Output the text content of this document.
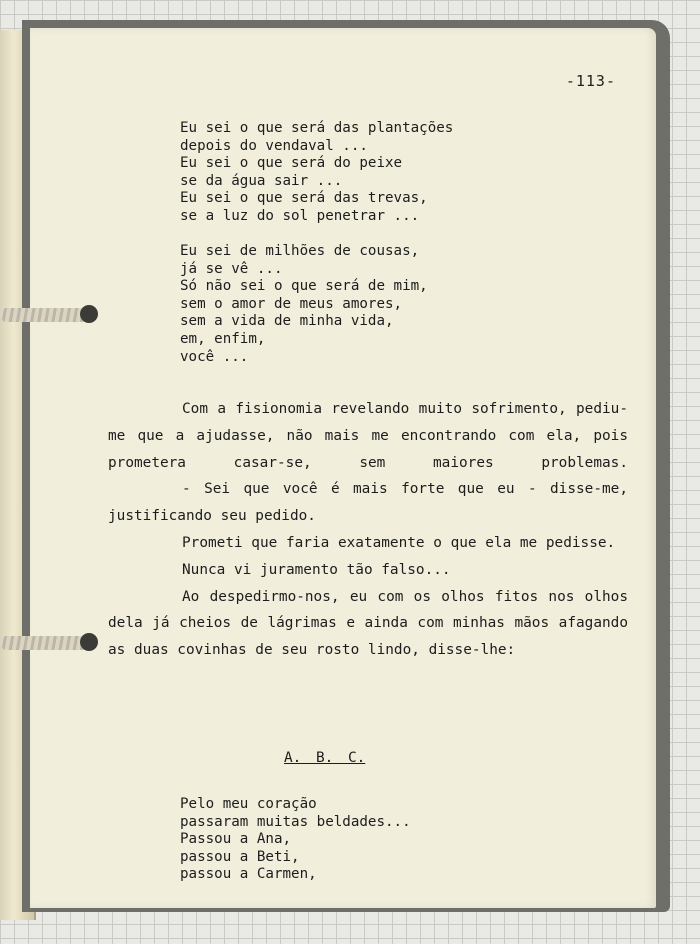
-113-
Eu sei o que será das plantações
depois do vendaval ...
Eu sei o que será do peixe
se da água sair ...
Eu sei o que será das trevas,
se a luz do sol penetrar ...
Eu sei de milhões de cousas,
já se vê ...
Só não sei o que será de mim,
sem o amor de meus amores,
sem a vida de minha vida,
em, enfim,
você ...

Com a fisionomia revelando muito sofrimento, pediu-me que a ajudasse, não mais me encontrando com ela, pois prometera casar-se, sem maiores problemas.

- Sei que você é mais forte que eu - disse-me, justificando seu pedido.

Prometi que faria exatamente o que ela me pedisse.

Nunca vi juramento tão falso...

Ao despedirmo-nos, eu com os olhos fitos nos olhos dela já cheios de lágrimas e ainda com minhas mãos afagando as duas covinhas de seu rosto lindo, disse-lhe:

A. B. C.
Pelo meu coração
passaram muitas beldades...
Passou a Ana,
passou a Beti,
passou a Carmen,
